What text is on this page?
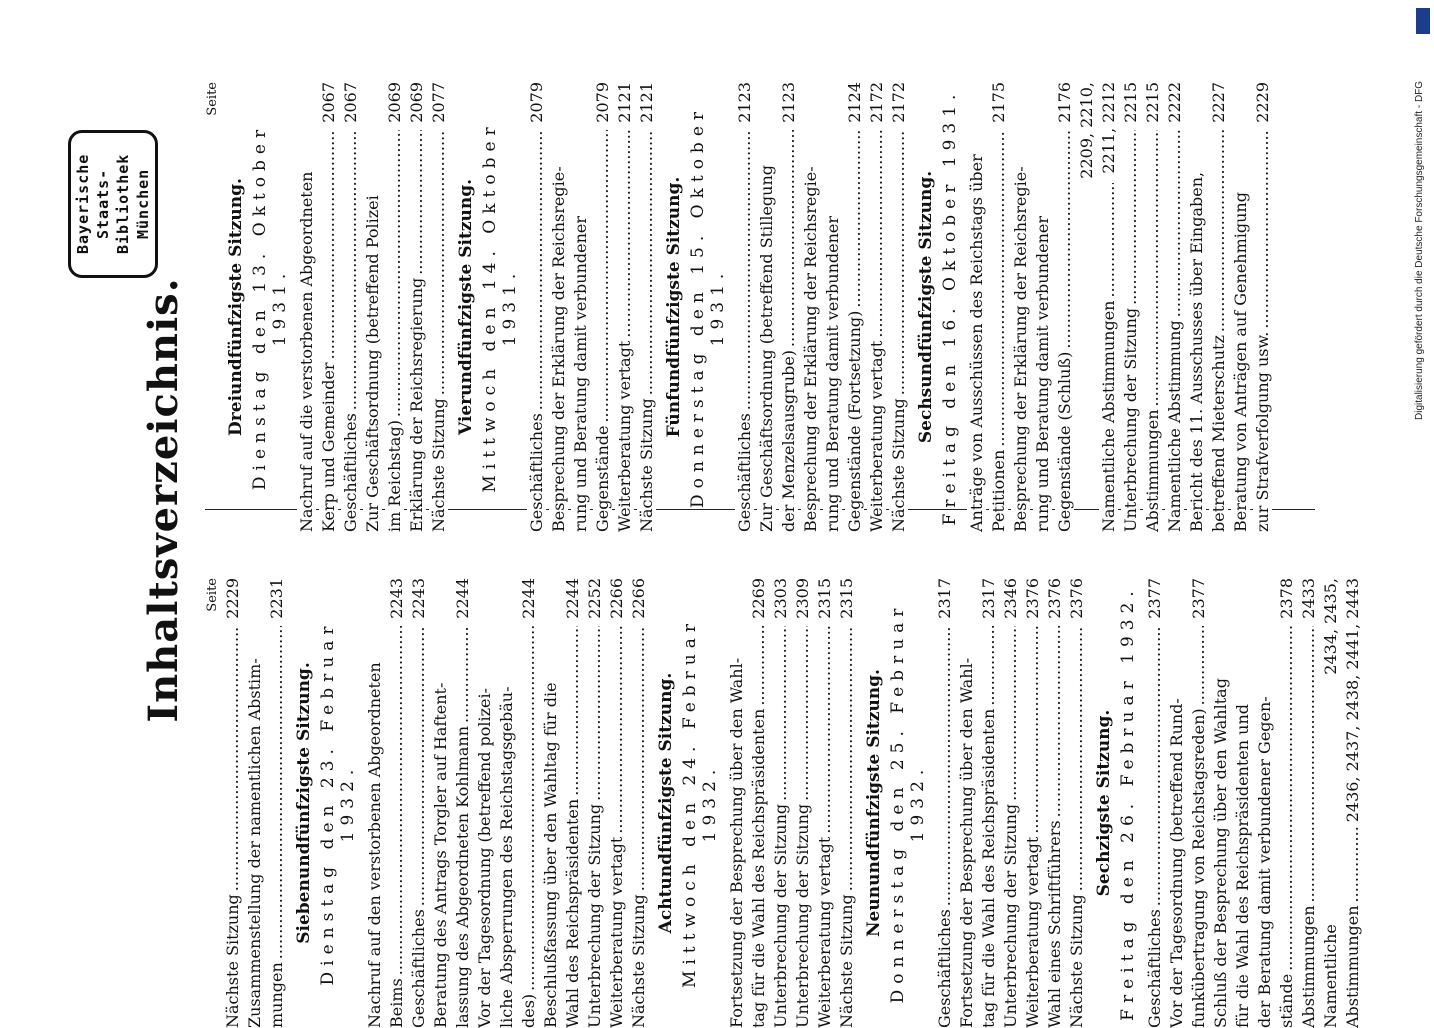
Inhaltsverzeichnis.
Seite
Dreiundfünfzigste Sitzung. Dienstag den 13. Oktober 1931.
Nachruf auf die verstorbenen Abgeordneten
Kerp und Gemeinder .....
2067
Geschäftliches .....
2067
Zur Geschäftsordnung (betreffend Polizei
im Reichstag) .....
2069
Erklärung der Reichsregierung .....
2069
Nächste Sitzung .....
2077
Vierundfünfzigste Sitzung. Mittwoch den 14. Oktober 1931.
Geschäftliches .....
2079
Besprechung der Erklärung der Reichsregie-
rung und Beratung damit verbundener
Gegenstände .....
2079
Weiterberatung vertagt .....
2121
Nächste Sitzung .....
2121
Fünfundfünfzigste Sitzung. Donnerstag den 15. Oktober 1931.
Geschäftliches .....
2123
Zur Geschäftsordnung (betreffend Stillegung
der Menzelsausgrube) .....
2123
Besprechung der Erklärung der Reichsregie-
rung und Beratung damit verbundener
Gegenstände (Fortsetzung) .....
2124
Weiterberatung vertagt .....
2172
Nächste Sitzung .....
2172
Sechsundfünfzigste Sitzung. Freitag den 16. Oktober 1931. Anträge von Ausschüssen des Reichstags über
Petitionen .....
2175
Besprechung der Erklärung der Reichsregie-
rung und Beratung damit verbundener
Gegenstände (Schluß) .....
2176
Namentliche Abstimmungen .....
2209, 2210,
2211, 2212
Unterbrechung der Sitzung .....
2215
Abstimmungen .....
2215
Namentliche Abstimmung .....
2222
Bericht des 11. Ausschusses über Eingaben,
betreffend Mieterschutz .....
2227
Beratung von Anträgen auf Genehmigung
zur Strafverfolgung usw. .....
2229
Seite
Nächste Sitzung .....
2229
Zusammenstellung der namentlichen Abstim-
mungen .....
2231
Siebenundfünfzigste Sitzung. Dienstag den 23. Februar 1932.
Nachruf auf den verstorbenen Abgeordneten
Beims .....
2243
Geschäftliches .....
2243
Beratung des Antrags Torgler auf Haftent-
lassung des Abgeordneten Kohlmann .....
2244
Vor der Tagesordnung (betreffend polizei-
liche Absperrungen des Reichstagsgebäu-
des) .....
2244
Beschlußfassung über den Wahltag für die
Wahl des Reichspräsidenten .....
2244
Unterbrechung der Sitzung .....
2252
Weiterberatung vertagt .....
2266
Nächste Sitzung .....
2266
Achtundfünfzigste Sitzung. Mittwoch den 24. Februar 1932.
Fortsetzung der Besprechung über den Wahl-
tag für die Wahl des Reichspräsidenten .....
2269
Unterbrechung der Sitzung .....
2303
Unterbrechung der Sitzung .....
2309
Weiterberatung vertagt .....
2315
Nächste Sitzung .....
2315
Neunundfünfzigste Sitzung. Donnerstag den 25. Februar 1932.
Geschäftliches .....
2317
Fortsetzung der Besprechung über den Wahl-
tag für die Wahl des Reichspräsidenten .....
2317
Unterbrechung der Sitzung .....
2346
Weiterberatung vertagt .....
2376
Wahl eines Schriftführers .....
2376
Nächste Sitzung .....
2376
Sechzigste Sitzung. Freitag den 26. Februar 1932. Geschäftliches .....
2377
Vor der Tagesordnung (betreffend Rund-
funkübertragung von Reichstagsreden) .....
2377
Schluß der Besprechung über den Wahltag
für die Wahl des Reichspräsidenten und
der Beratung damit verbundener Gegen-
stände .....
2378
Abstimmungen .....
2433
Namentliche Abstimmungen .....
2434, 2435,
2436, 2437, 2438, 2441, 2443
Bayerische Staats- Bibliothek München	Digitalisierung gefördert durch die Deutsche Forschungsgemeinschaft - DFG
